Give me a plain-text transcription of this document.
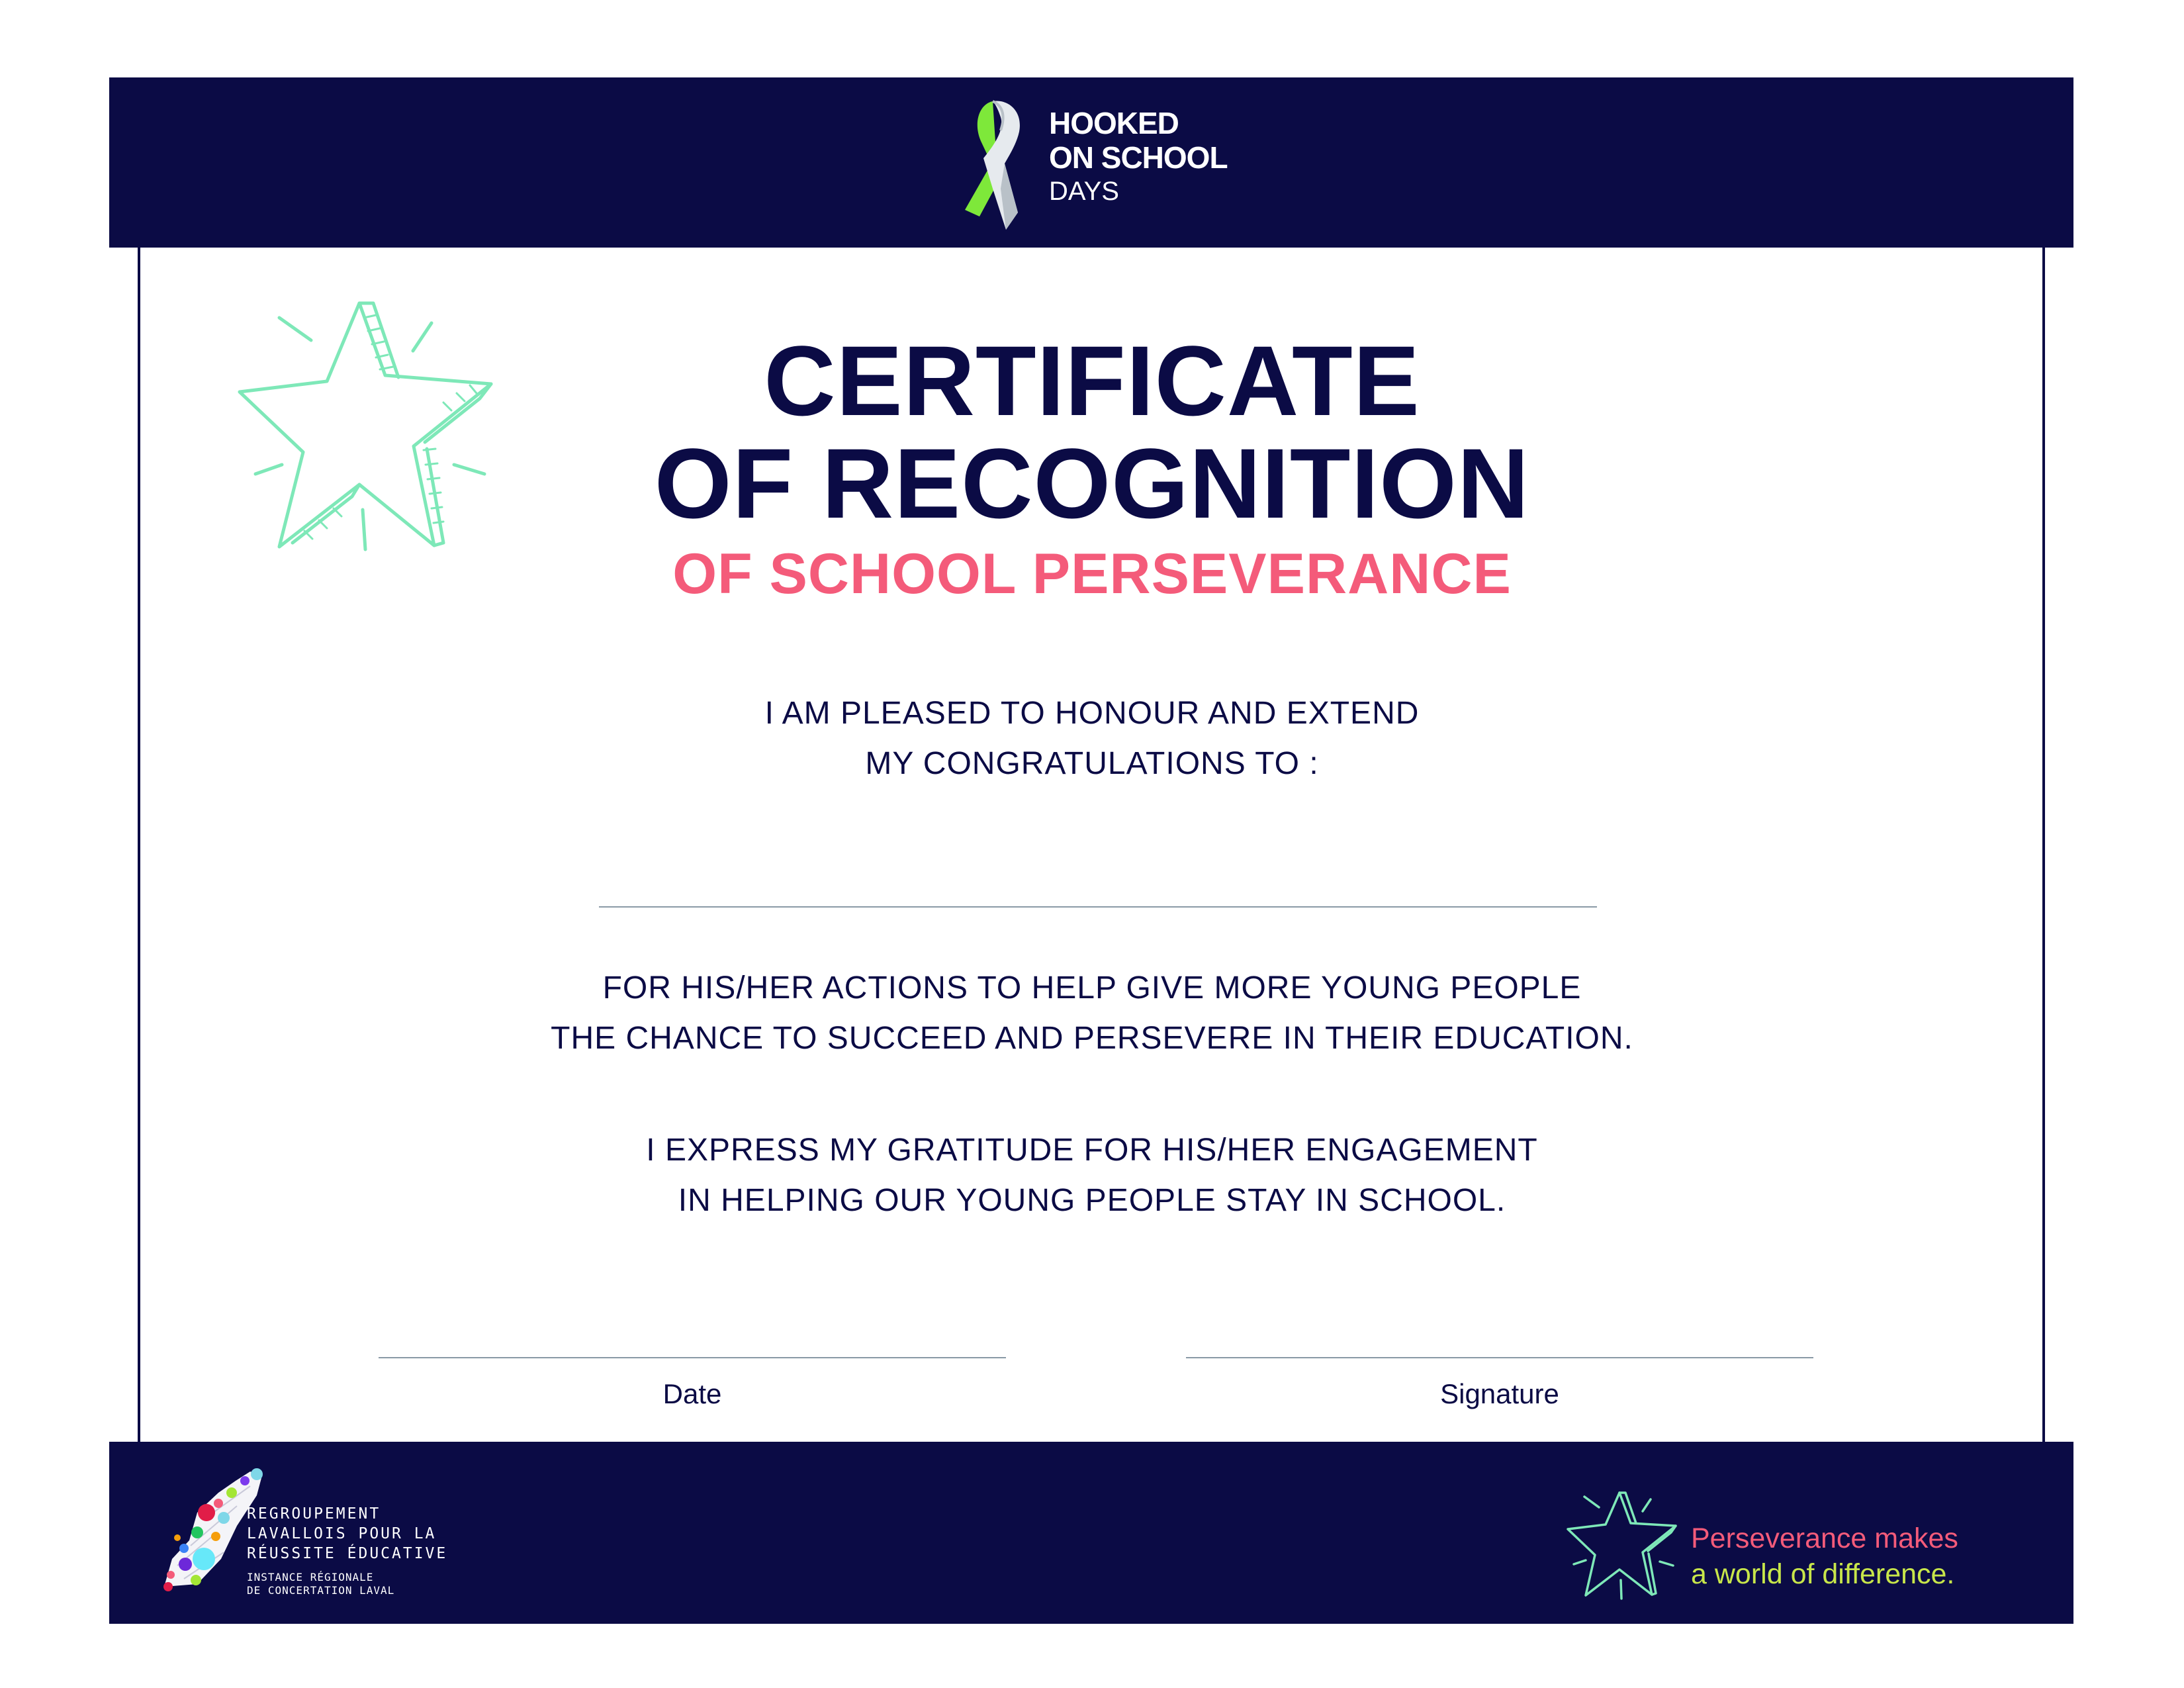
HOOKED
ON SCHOOL
DAYS
CERTIFICATE
OF RECOGNITION
OF SCHOOL PERSEVERANCE
I AM PLEASED TO HONOUR AND EXTEND
MY CONGRATULATIONS TO :
FOR HIS/HER ACTIONS TO HELP GIVE MORE YOUNG PEOPLE
THE CHANCE TO SUCCEED AND PERSEVERE IN THEIR EDUCATION.
I EXPRESS MY GRATITUDE FOR HIS/HER ENGAGEMENT
IN HELPING OUR YOUNG PEOPLE STAY IN SCHOOL.
Date	Signature
REGROUPEMENT
LAVALLOIS POUR LA
RÉUSSITE ÉDUCATIVE
INSTANCE RÉGIONALE
DE CONCERTATION LAVAL
Perseverance makes
a world of difference.
